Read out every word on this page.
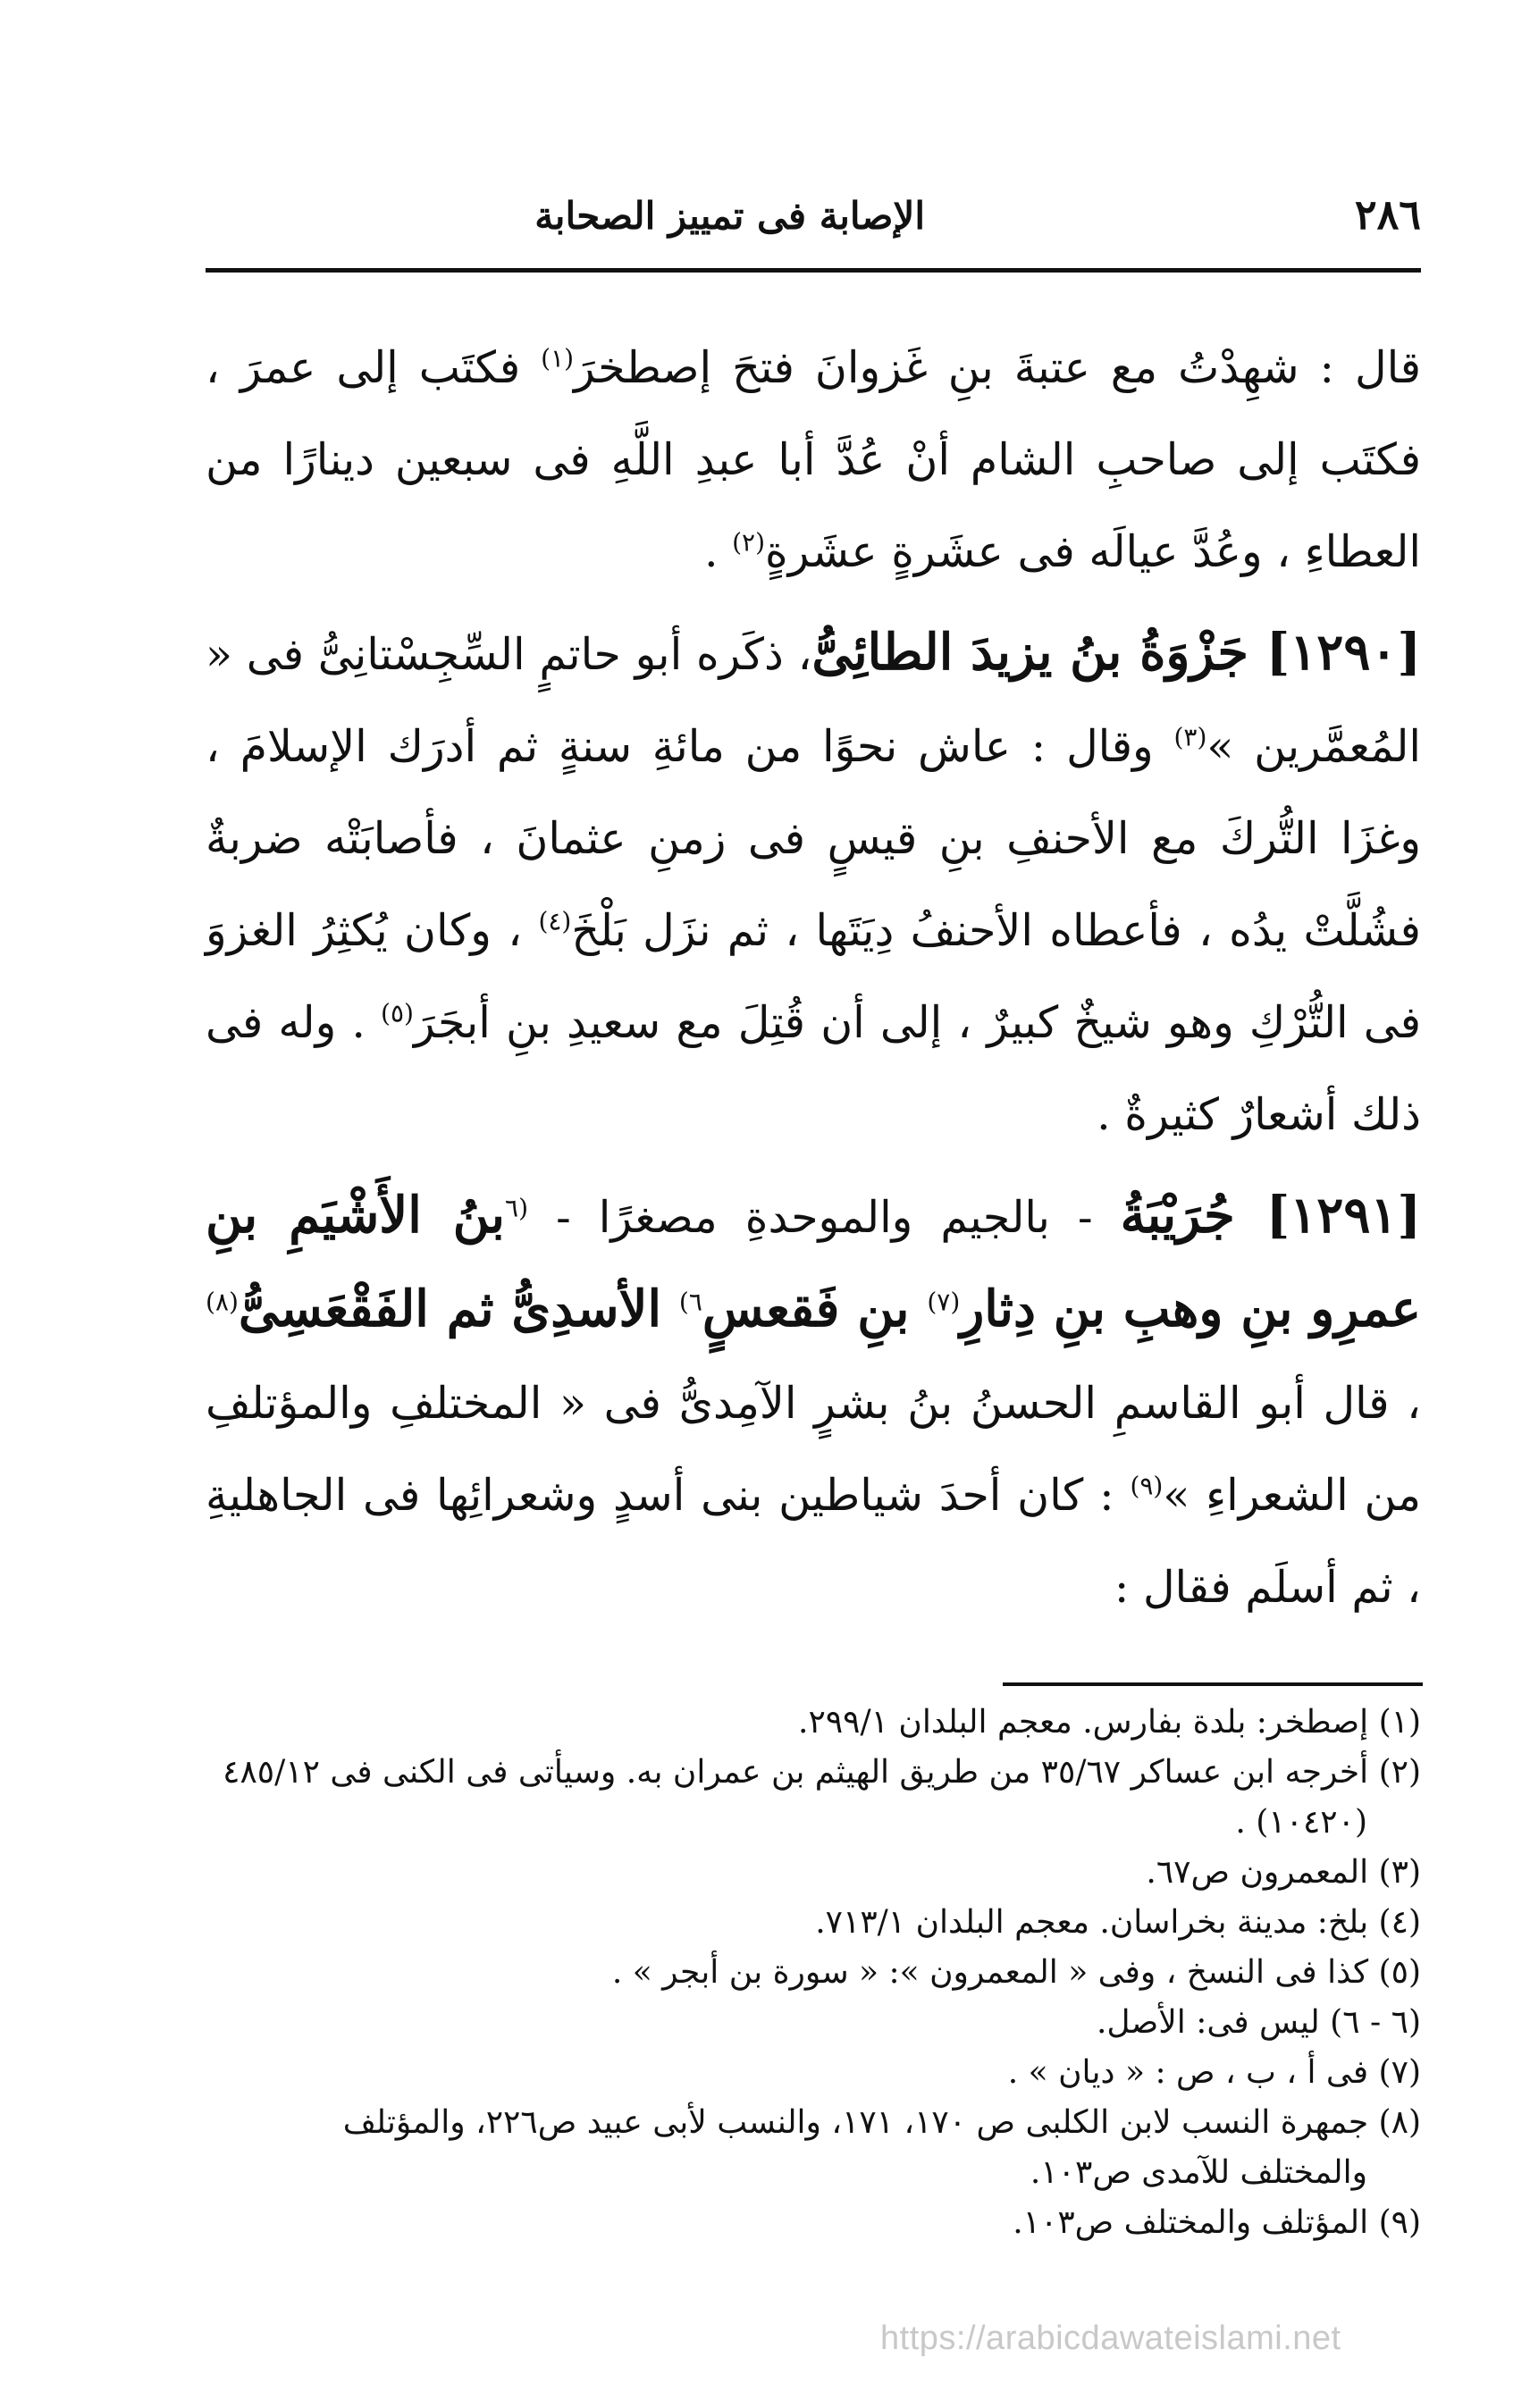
٢٨٦
الإصابة فى تمييز الصحابة

قال : شهِدْتُ مع عتبةَ بنِ غَزوانَ فتحَ إصطخرَ$^{(١)}$ فكتَب إلى عمرَ ، فكتَب إلى صاحبِ الشام أنْ عُدَّ أبا عبدِ اللَّهِ فى سبعين دينارًا من العطاءِ ، وعُدَّ عيالَه فى عشَرةٍ عشَرةٍ$^{(٢)}$ .

[١٢٩٠] جَزْوَةُ بنُ يزيدَ الطائِىُّ، ذكَره أبو حاتمٍ السِّجِسْتانِىُّ فى « المُعمَّرين »$^{(٣)}$ وقال : عاش نحوًا من مائةِ سنةٍ ثم أدرَك الإسلامَ ، وغزَا التُّركَ مع الأحنفِ بنِ قيسٍ فى زمنِ عثمانَ ، فأصابَتْه ضربةٌ فشُلَّتْ يدُه ، فأعطاه الأحنفُ دِيَتَها ، ثم نزَل بَلْخَ$^{(٤)}$ ، وكان يُكثِرُ الغزوَ فى التُّرْكِ وهو شيخٌ كبيرٌ ، إلى أن قُتِلَ مع سعيدِ بنِ أبجَرَ$^{(٥)}$ . وله فى ذلك أشعارٌ كثيرةٌ .

[١٢٩١] جُرَيْبَةُ - بالجيم والموحدةِ مصغرًا - $^{(٦}$بنُ الأَشْيَمِ بنِ عمرِو بنِ وهبِ بنِ دِثارِ$^{(٧)}$ بنِ فَقعسٍ$^{٦)}$ الأسدِىُّ ثم الفَقْعَسِىُّ$^{(٨)}$ ، قال أبو القاسمِ الحسنُ بنُ بشرٍ الآمِدىُّ فى « المختلفِ والمؤتلفِ من الشعراءِ »$^{(٩)}$ : كان أحدَ شياطين بنى أسدٍ وشعرائِها فى الجاهليةِ ، ثم أسلَم فقال :

(١) إصطخر: بلدة بفارس. معجم البلدان ٢٩٩/١.

(٢) أخرجه ابن عساكر ٣٥/٦٧ من طريق الهيثم بن عمران به. وسيأتى فى الكنى فى ٤٨٥/١٢

(١٠٤٢٠) .

(٣) المعمرون ص٦٧.

(٤) بلخ: مدينة بخراسان. معجم البلدان ٧١٣/١.

(٥) كذا فى النسخ ، وفى « المعمرون »: « سورة بن أبجر » .

(٦ - ٦) ليس فى: الأصل.

(٧) فى أ ، ب ، ص : « ديان » .

(٨) جمهرة النسب لابن الكلبى ص ١٧٠، ١٧١، والنسب لأبى عبيد ص٢٢٦، والمؤتلف

والمختلف للآمدى ص١٠٣.

(٩) المؤتلف والمختلف ص١٠٣.

https://arabicdawateislami.net
